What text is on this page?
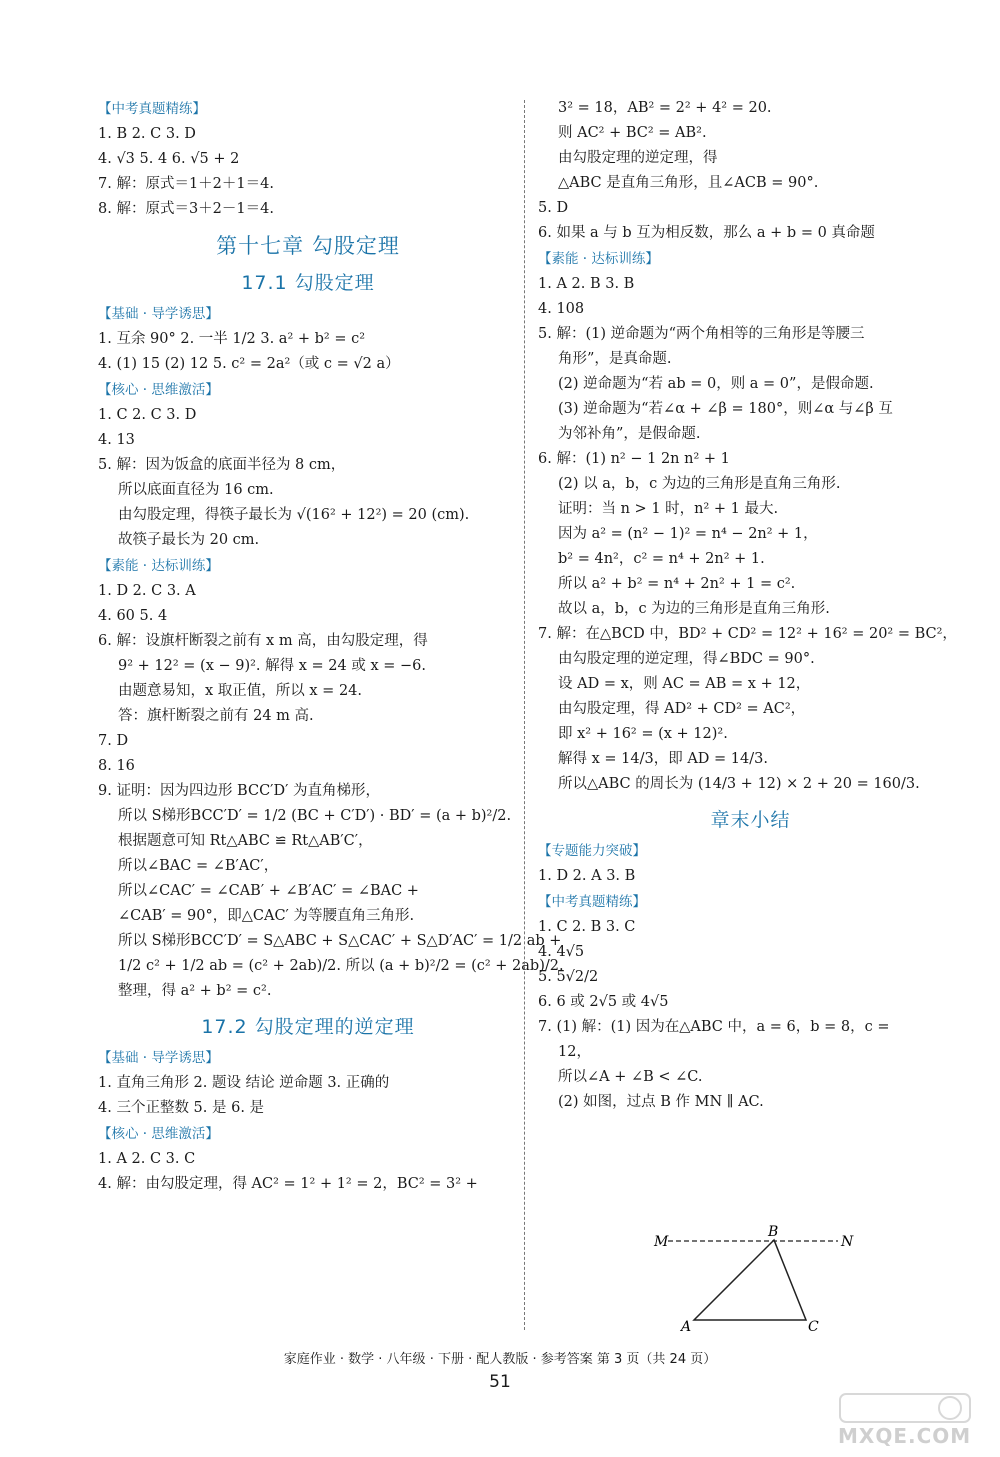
【中考真题精练】
1. B 2. C 3. D
4. √3 5. 4 6. √5 + 2
7. 解：原式＝1＋2＋1＝4.
8. 解：原式＝3＋2－1＝4.
第十七章 勾股定理
17.1 勾股定理
【基础 · 导学诱思】
1. 互余 90° 2. 一半 1/2 3. a² + b² = c²
4. (1) 15 (2) 12 5. c² = 2a²（或 c = √2 a）
【核心 · 思维激活】
1. C 2. C 3. D
4. 13
5. 解：因为饭盒的底面半径为 8 cm，
所以底面直径为 16 cm.
由勾股定理，得筷子最长为 √(16² + 12²) = 20 (cm).
故筷子最长为 20 cm.
【素能 · 达标训练】
1. D 2. C 3. A
4. 60 5. 4
6. 解：设旗杆断裂之前有 x m 高，由勾股定理，得
9² + 12² = (x − 9)². 解得 x = 24 或 x = −6.
由题意易知，x 取正值，所以 x = 24.
答：旗杆断裂之前有 24 m 高.
7. D
8. 16
9. 证明：因为四边形 BCC′D′ 为直角梯形，
所以 S梯形BCC′D′ = 1/2 (BC + C′D′) · BD′ = (a + b)²/2.
根据题意可知 Rt△ABC ≌ Rt△AB′C′，
所以∠BAC = ∠B′AC′，
所以∠CAC′ = ∠CAB′ + ∠B′AC′ = ∠BAC +
∠CAB′ = 90°，即△CAC′ 为等腰直角三角形.
所以 S梯形BCC′D′ = S△ABC + S△CAC′ + S△D′AC′ = 1/2 ab +
1/2 c² + 1/2 ab = (c² + 2ab)/2. 所以 (a + b)²/2 = (c² + 2ab)/2.
整理，得 a² + b² = c².
17.2 勾股定理的逆定理
【基础 · 导学诱思】
1. 直角三角形 2. 题设 结论 逆命题 3. 正确的
4. 三个正整数 5. 是 6. 是
【核心 · 思维激活】
1. A 2. C 3. C
4. 解：由勾股定理，得 AC² = 1² + 1² = 2，BC² = 3² +
3² = 18，AB² = 2² + 4² = 20.
则 AC² + BC² = AB².
由勾股定理的逆定理，得
△ABC 是直角三角形，且∠ACB = 90°.
5. D
6. 如果 a 与 b 互为相反数，那么 a + b = 0 真命题
【素能 · 达标训练】
1. A 2. B 3. B
4. 108
5. 解：(1) 逆命题为“两个角相等的三角形是等腰三
角形”，是真命题.
(2) 逆命题为“若 ab = 0，则 a = 0”，是假命题.
(3) 逆命题为“若∠α + ∠β = 180°，则∠α 与∠β 互
为邻补角”，是假命题.
6. 解：(1) n² − 1 2n n² + 1
(2) 以 a，b，c 为边的三角形是直角三角形.
证明：当 n > 1 时，n² + 1 最大.
因为 a² = (n² − 1)² = n⁴ − 2n² + 1，
b² = 4n²，c² = n⁴ + 2n² + 1.
所以 a² + b² = n⁴ + 2n² + 1 = c².
故以 a，b，c 为边的三角形是直角三角形.
7. 解：在△BCD 中，BD² + CD² = 12² + 16² = 20² = BC²，
由勾股定理的逆定理，得∠BDC = 90°.
设 AD = x，则 AC = AB = x + 12，
由勾股定理，得 AD² + CD² = AC²，
即 x² + 16² = (x + 12)².
解得 x = 14/3，即 AD = 14/3.
所以△ABC 的周长为 (14/3 + 12) × 2 + 20 = 160/3.
章末小结
【专题能力突破】
1. D 2. A 3. B
【中考真题精练】
1. C 2. B 3. C
4. 4√5
5. 5√2/2
6. 6 或 2√5 或 4√5
7. (1) 解：(1) 因为在△ABC 中，a = 6，b = 8，c =
12，
所以∠A + ∠B < ∠C.
(2) 如图，过点 B 作 MN ∥ AC.
M	N
B
A	C
家庭作业 · 数学 · 八年级 · 下册 · 配人教版 · 参考答案 第 3 页（共 24 页）
51
MXQE.COM
